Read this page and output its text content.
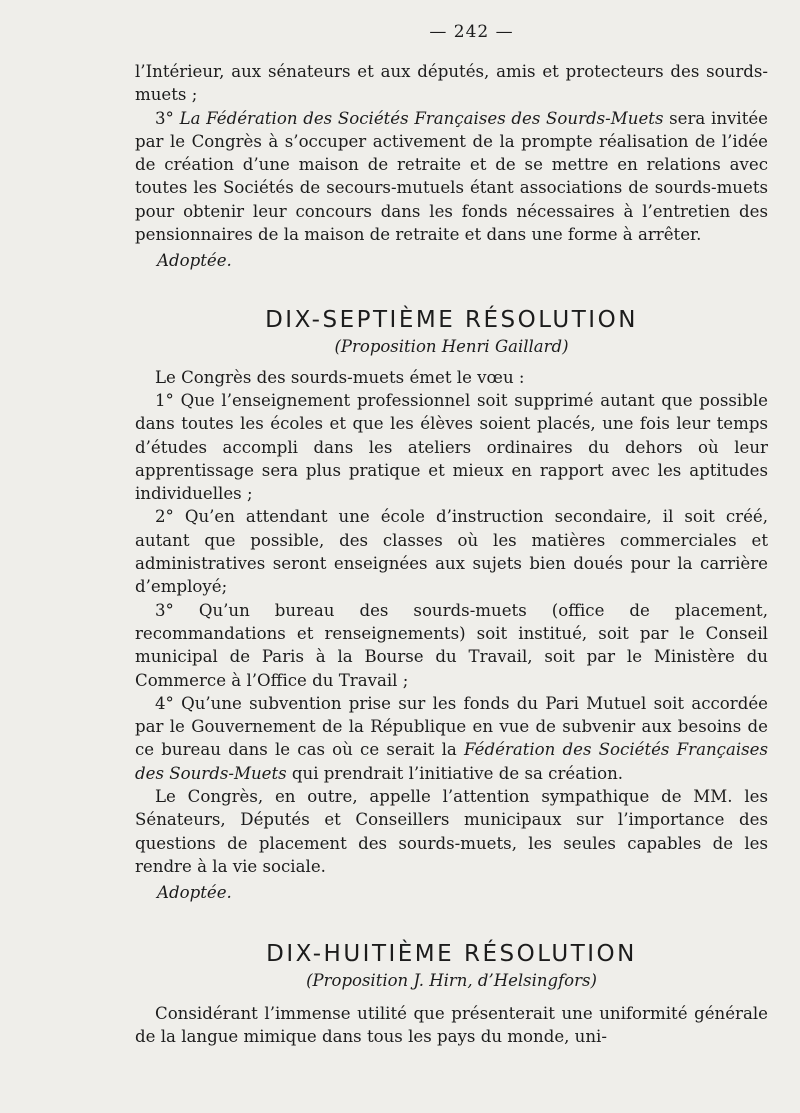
— 242 —

l’Intérieur, aux sénateurs et aux députés, amis et protecteurs des sourds-muets ;

3° La Fédération des Sociétés Françaises des Sourds-Muets sera invitée par le Congrès à s’occuper activement de la prompte réalisation de l’idée de création d’une maison de retraite et de se mettre en relations avec toutes les Sociétés de secours-mutuels étant associations de sourds-muets pour obtenir leur concours dans les fonds nécessaires à l’entretien des pensionnaires de la maison de retraite et dans une forme à arrêter.

Adoptée.

DIX-SEPTIÈME RÉSOLUTION
(Proposition Henri Gaillard)

Le Congrès des sourds-muets émet le vœu :

1° Que l’enseignement professionnel soit supprimé autant que possible dans toutes les écoles et que les élèves soient placés, une fois leur temps d’études accompli dans les ateliers ordinaires du dehors où leur apprentissage sera plus pratique et mieux en rapport avec les aptitudes individuelles ;

2° Qu’en attendant une école d’instruction secondaire, il soit créé, autant que possible, des classes où les matières commerciales et administratives seront enseignées aux sujets bien doués pour la carrière d’employé;

3° Qu’un bureau des sourds-muets (office de placement, recommandations et renseignements) soit institué, soit par le Conseil municipal de Paris à la Bourse du Travail, soit par le Ministère du Commerce à l’Office du Travail ;

4° Qu’une subvention prise sur les fonds du Pari Mutuel soit accordée par le Gouvernement de la République en vue de subvenir aux besoins de ce bureau dans le cas où ce serait la Fédération des Sociétés Françaises des Sourds-Muets qui prendrait l’initiative de sa création.

Le Congrès, en outre, appelle l’attention sympathique de MM. les Sénateurs, Députés et Conseillers municipaux sur l’importance des questions de placement des sourds-muets, les seules capables de les rendre à la vie sociale.

Adoptée.

DIX-HUITIÈME RÉSOLUTION
(Proposition J. Hirn, d’Helsingfors)

Considérant l’immense utilité que présenterait une uniformité générale de la langue mimique dans tous les pays du monde, uni-
